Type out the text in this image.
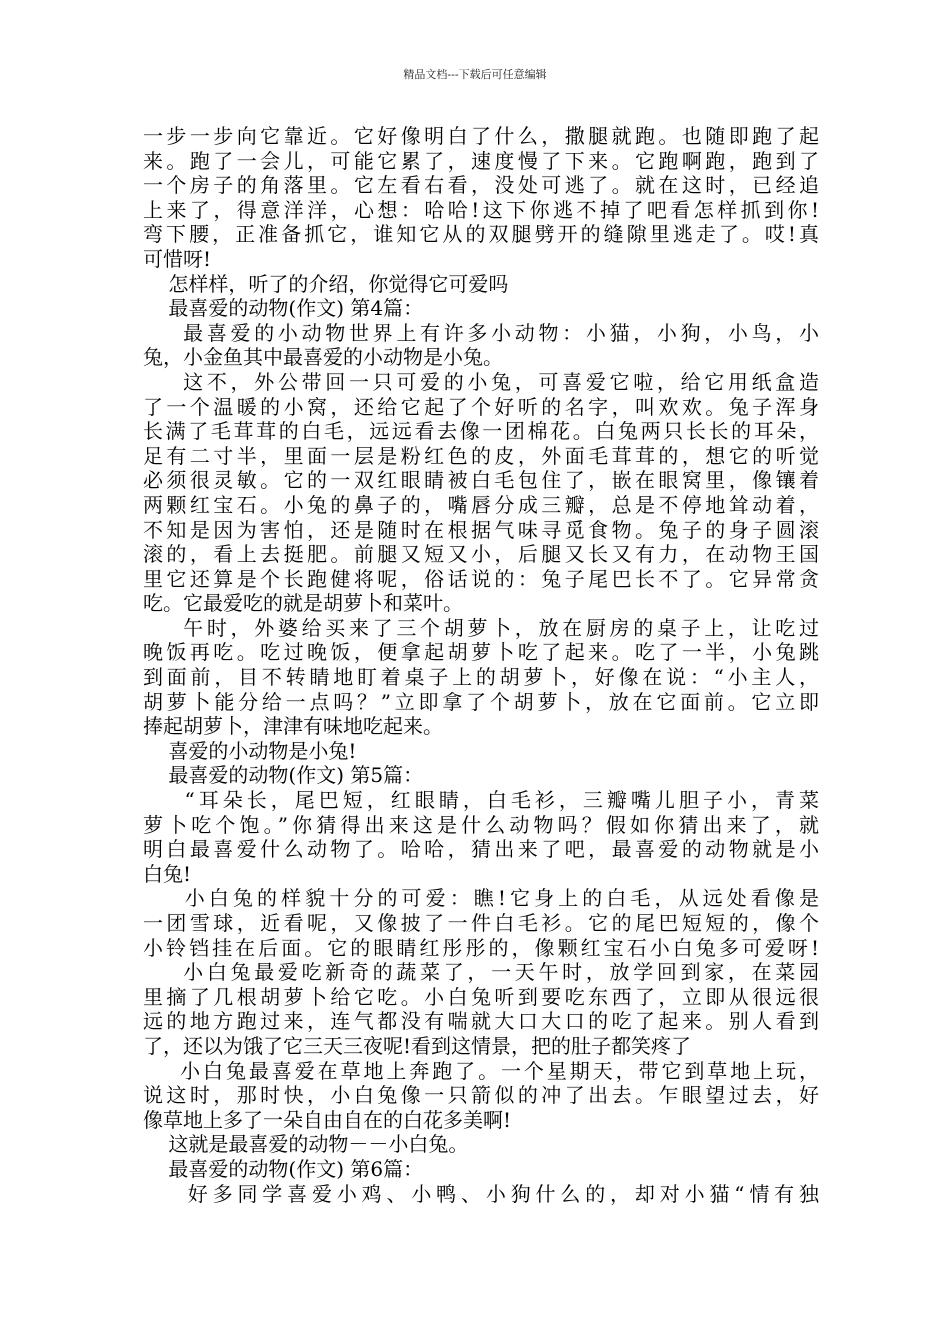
精品文档---下载后可任意编辑
一步一步向它靠近。它好像明白了什么，撒腿就跑。也随即跑了起
来。跑了一会儿，可能它累了，速度慢了下来。它跑啊跑，跑到了
一个房子的角落里。它左看右看，没处可逃了。就在这时，已经追
上来了，得意洋洋，心想：哈哈!这下你逃不掉了吧看怎样抓到你!
弯下腰，正准备抓它，谁知它从的双腿劈开的缝隙里逃走了。哎!真
可惜呀!
怎样样，听了的介绍，你觉得它可爱吗
最喜爱的动物(作文) 第4篇：
最喜爱的小动物世界上有许多小动物：小猫，小狗，小鸟，小
兔，小金鱼其中最喜爱的小动物是小兔。
这不，外公带回一只可爱的小兔，可喜爱它啦，给它用纸盒造
了一个温暖的小窝，还给它起了个好听的名字，叫欢欢。兔子浑身
长满了毛茸茸的白毛，远远看去像一团棉花。白兔两只长长的耳朵，
足有二寸半，里面一层是粉红色的皮，外面毛茸茸的，想它的听觉
必须很灵敏。它的一双红眼睛被白毛包住了，嵌在眼窝里，像镶着
两颗红宝石。小兔的鼻子的，嘴唇分成三瓣，总是不停地耸动着，
不知是因为害怕，还是随时在根据气味寻觅食物。兔子的身子圆滚
滚的，看上去挺肥。前腿又短又小，后腿又长又有力，在动物王国
里它还算是个长跑健将呢，俗话说的：兔子尾巴长不了。它异常贪
吃。它最爱吃的就是胡萝卜和菜叶。
午时，外婆给买来了三个胡萝卜，放在厨房的桌子上，让吃过
晚饭再吃。吃过晚饭，便拿起胡萝卜吃了起来。吃了一半，小兔跳
到面前，目不转睛地盯着桌子上的胡萝卜，好像在说：“小主人，
胡萝卜能分给一点吗？”立即拿了个胡萝卜，放在它面前。它立即
捧起胡萝卜，津津有味地吃起来。
喜爱的小动物是小兔!
最喜爱的动物(作文) 第5篇：
“耳朵长，尾巴短，红眼睛，白毛衫，三瓣嘴儿胆子小，青菜
萝卜吃个饱。”你猜得出来这是什么动物吗？假如你猜出来了，就
明白最喜爱什么动物了。哈哈，猜出来了吧，最喜爱的动物就是小
白兔!
小白兔的样貌十分的可爱：瞧!它身上的白毛，从远处看像是
一团雪球，近看呢，又像披了一件白毛衫。它的尾巴短短的，像个
小铃铛挂在后面。它的眼睛红彤彤的，像颗红宝石小白兔多可爱呀!
小白兔最爱吃新奇的蔬菜了，一天午时，放学回到家，在菜园
里摘了几根胡萝卜给它吃。小白兔听到要吃东西了，立即从很远很
远的地方跑过来，连气都没有喘就大口大口的吃了起来。别人看到
了，还以为饿了它三天三夜呢!看到这情景，把的肚子都笑疼了
小白兔最喜爱在草地上奔跑了。一个星期天，带它到草地上玩，
说这时，那时快，小白兔像一只箭似的冲了出去。乍眼望过去，好
像草地上多了一朵自由自在的白花多美啊!
这就是最喜爱的动物－－小白兔。
最喜爱的动物(作文) 第6篇：
好多同学喜爱小鸡、小鸭、小狗什么的，却对小猫“情有独
